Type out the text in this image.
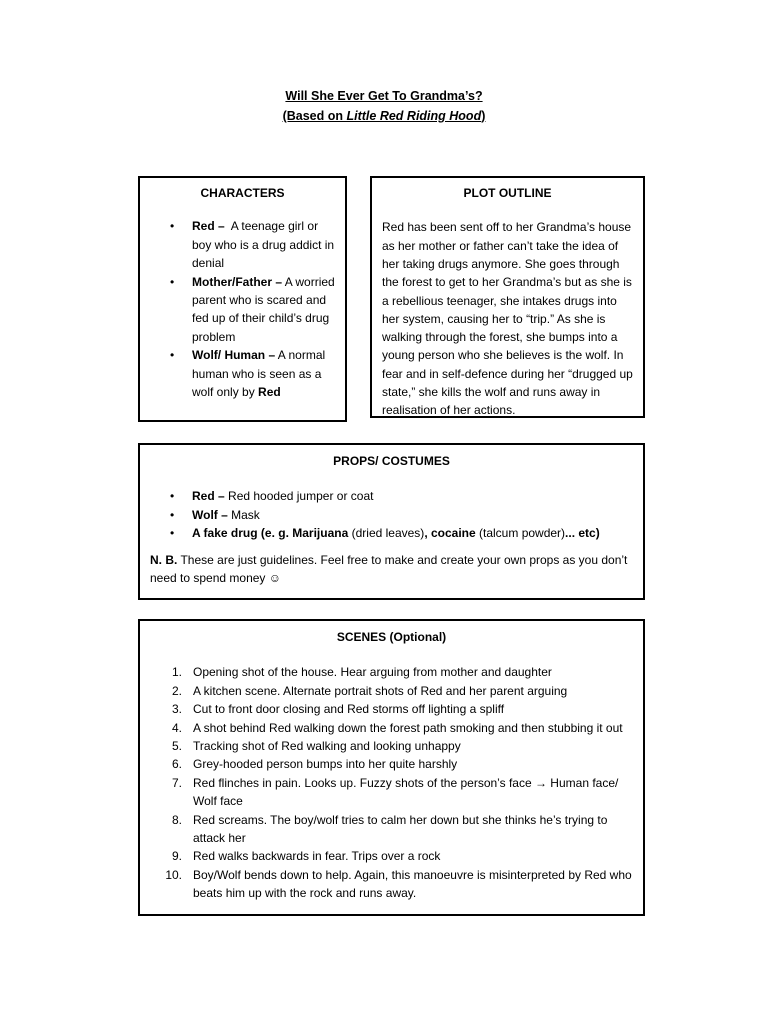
Will She Ever Get To Grandma’s?
(Based on Little Red Riding Hood)
CHARACTERS
• Red – A teenage girl or boy who is a drug addict in denial
• Mother/Father – A worried parent who is scared and fed up of their child’s drug problem
• Wolf/ Human – A normal human who is seen as a wolf only by Red
PLOT OUTLINE

Red has been sent off to her Grandma’s house as her mother or father can’t take the idea of her taking drugs anymore. She goes through the forest to get to her Grandma’s but as she is a rebellious teenager, she intakes drugs into her system, causing her to “trip.” As she is walking through the forest, she bumps into a young person who she believes is the wolf. In fear and in self-defence during her “drugged up state,” she kills the wolf and runs away in realisation of her actions.

PROPS/ COSTUMES
• Red – Red hooded jumper or coat
• Wolf – Mask
• A fake drug (e. g. Marijuana (dried leaves), cocaine (talcum powder)... etc)
N. B. These are just guidelines. Feel free to make and create your own props as you don’t need to spend money ☺
SCENES (Optional)
1. Opening shot of the house. Hear arguing from mother and daughter
2. A kitchen scene. Alternate portrait shots of Red and her parent arguing
3. Cut to front door closing and Red storms off lighting a spliff
4. A shot behind Red walking down the forest path smoking and then stubbing it out
5. Tracking shot of Red walking and looking unhappy
6. Grey-hooded person bumps into her quite harshly
7. Red flinches in pain. Looks up. Fuzzy shots of the person’s face → Human face/ Wolf face
8. Red screams. The boy/wolf tries to calm her down but she thinks he’s trying to attack her
9. Red walks backwards in fear. Trips over a rock
10. Boy/Wolf bends down to help. Again, this manoeuvre is misinterpreted by Red who beats him up with the rock and runs away.
